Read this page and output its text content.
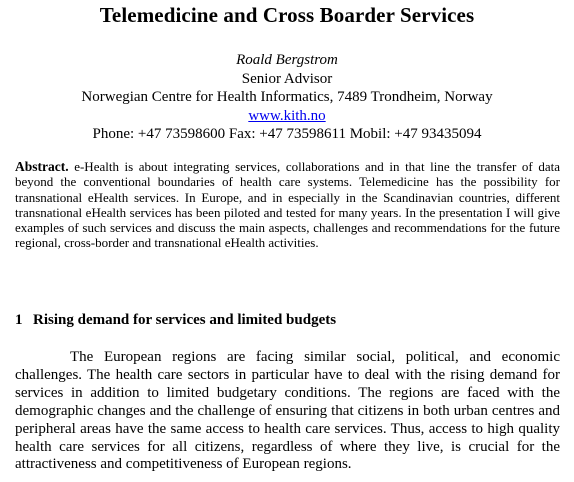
Telemedicine and Cross Boarder Services
Roald Bergstrom
Senior Advisor
Norwegian Centre for Health Informatics, 7489 Trondheim, Norway
www.kith.no
Phone: +47 73598600 Fax: +47 73598611 Mobil: +47 93435094
Abstract. e-Health is about integrating services, collaborations and in that line the transfer of data beyond the conventional boundaries of health care systems. Telemedicine has the possibility for transnational eHealth services. In Europe, and in especially in the Scandinavian countries, different transnational eHealth services has been piloted and tested for many years. In the presentation I will give examples of such services and discuss the main aspects, challenges and recommendations for the future regional, cross-border and transnational eHealth activities.
1 Rising demand for services and limited budgets
The European regions are facing similar social, political, and economic challenges. The health care sectors in particular have to deal with the rising demand for services in addition to limited budgetary conditions. The regions are faced with the demographic changes and the challenge of ensuring that citizens in both urban centres and peripheral areas have the same access to health care services. Thus, access to high quality health care services for all citizens, regardless of where they live, is crucial for the attractiveness and competitiveness of European regions.
